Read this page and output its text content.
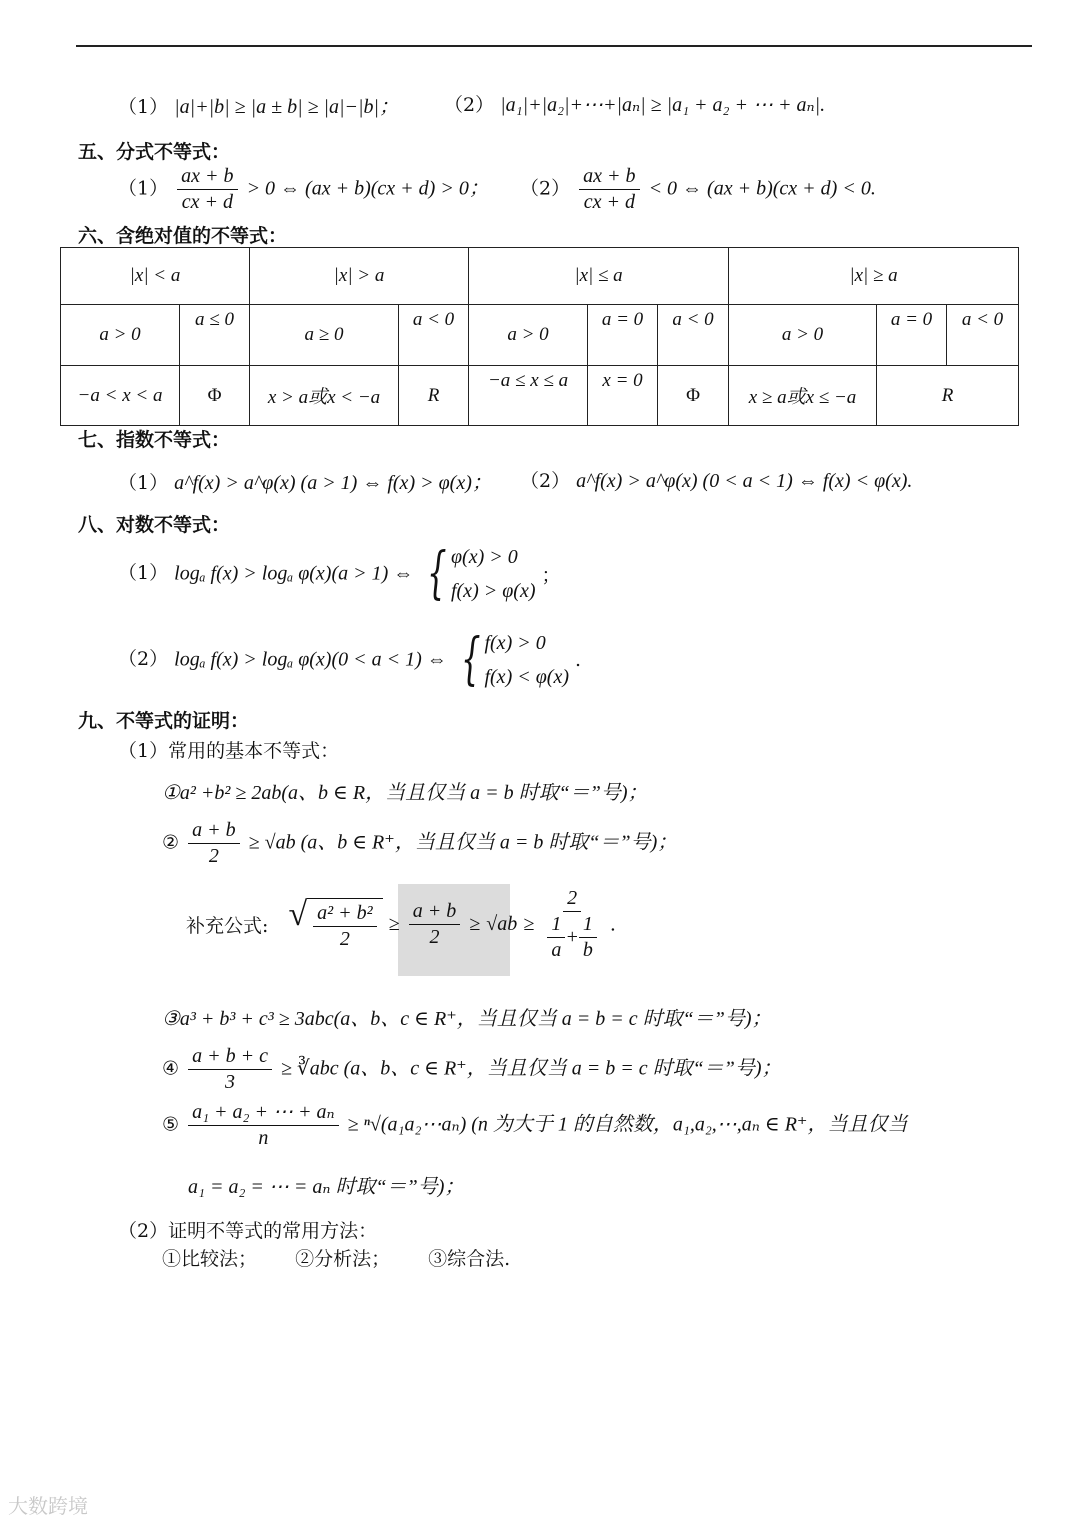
（1） |a|+|b| ≥ |a ± b| ≥ |a|−|b|； （2） |a₁|+|a₂|+⋯+|aₙ| ≥ |a₁ + a₂ + ⋯ + aₙ|.
五、分式不等式：
$(1) \frac{ax + b}{cx + d} > 0$ ⇔ (ax + b)(cx + d) > 0； $(2) \frac{ax + b}{cx + d} < 0$ ⇔ (ax + b)(cx + d) < 0.
六、含绝对值的不等式：
|x| < a		|x| > a		|x| ≤ a			|x| ≥ a		
a > 0	a ≤ 0	a ≥ 0	a < 0	a > 0	a = 0	a < 0	a > 0	a = 0	a < 0
−a < x < a	Φ	x > a或x < −a	R	−a ≤ x ≤ a	x = 0	Φ	x ≥ a或x ≤ −a	R	
七、指数不等式：
（1） a^f(x) > a^φ(x) (a > 1) ⇔ f(x) > φ(x)； （2） a^f(x) > a^φ(x) (0 < a < 1) ⇔ f(x) < φ(x).
八、对数不等式：
（1） logₐ f(x) > logₐ φ(x)(a > 1) ⇔ { φ(x) > 0
f(x) > φ(x)
；
（2） logₐ f(x) > logₐ φ(x)(0 < a < 1) ⇔ { f(x) > 0
f(x) < φ(x)
.
九、不等式的证明：
（1）常用的基本不等式：
①a² +b² ≥ 2ab(a、b ∈ R，当且仅当 a = b 时取“＝”号)；
② $\frac{a + b}{2} \ge √ab$ (a、b ∈ R⁺，当且仅当 a = b 时取“＝”号)；
补充公式: √ $\frac{\text{a² + b²}}{2} \ge \frac{a + b}{2} \ge √ab \ge \frac{2}{\frac{1}{a} + \frac{1}{b}}$ .
③a³ + b³ + c³ ≥ 3abc(a、b、c ∈ R⁺，当且仅当 a = b = c 时取“＝”号)；
④ $\frac{a + b + c}{3}$ ≥ ∛abc (a、b、c ∈ R⁺，当且仅当 a = b = c 时取“＝”号)；
⑤ $\frac{\text{a₁ + a₂ + ⋯ + aₙ}}{n}$ ≥ ⁿ√(a₁a₂⋯aₙ) (n 为大于 1 的自然数，a₁,a₂,⋯,aₙ ∈ R⁺，当且仅当
a₁ = a₂ = ⋯ = aₙ 时取“＝”号)；
（2）证明不等式的常用方法：
①比较法； ②分析法； ③综合法.
大数跨境
